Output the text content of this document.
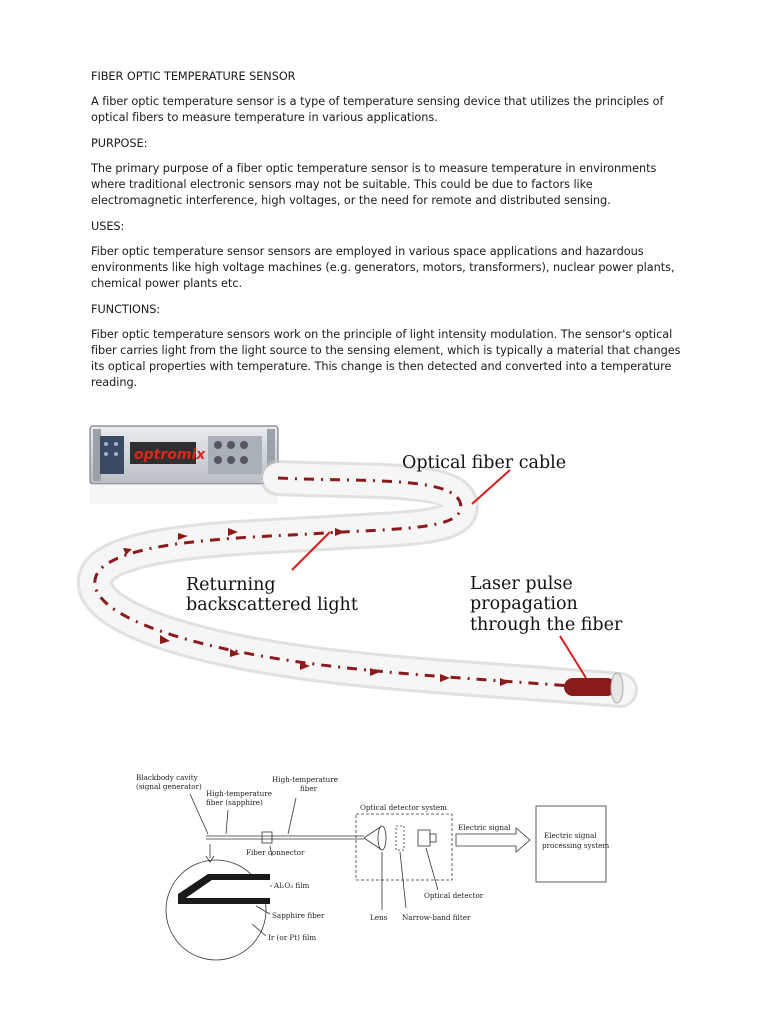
FIBER OPTIC TEMPERATURE SENSOR

A fiber optic temperature sensor is a type of temperature sensing device that utilizes the principles of optical fibers to measure temperature in various applications.

PURPOSE:

The primary purpose of a fiber optic temperature sensor is to measure temperature in environments where traditional electronic sensors may not be suitable. This could be due to factors like electromagnetic interference, high voltages, or the need for remote and distributed sensing.

USES:

Fiber optic temperature sensor sensors are employed in various space applications and hazardous environments like high voltage machines (e.g. generators, motors, transformers), nuclear power plants, chemical power plants etc.

FUNCTIONS:

Fiber optic temperature sensors work on the principle of light intensity modulation. The sensor's optical fiber carries light from the light source to the sensing element, which is typically a material that changes its optical properties with temperature. This change is then detected and converted into a temperature reading.

optromix	Optical fiber cable
Returning
backscattered light
Laser pulse
propagation
through the fiber
Blackbody cavity
(signal generator)
High-temperature
fiber (sapphire)
High-temperature
fiber
Fiber connector
Optical detector system
Electric signal
Electric signal
processing system
Optical detector
Lens Narrow-band filter
Al₂O₃ film
Sapphire fiber
Ir (or Pt) film
